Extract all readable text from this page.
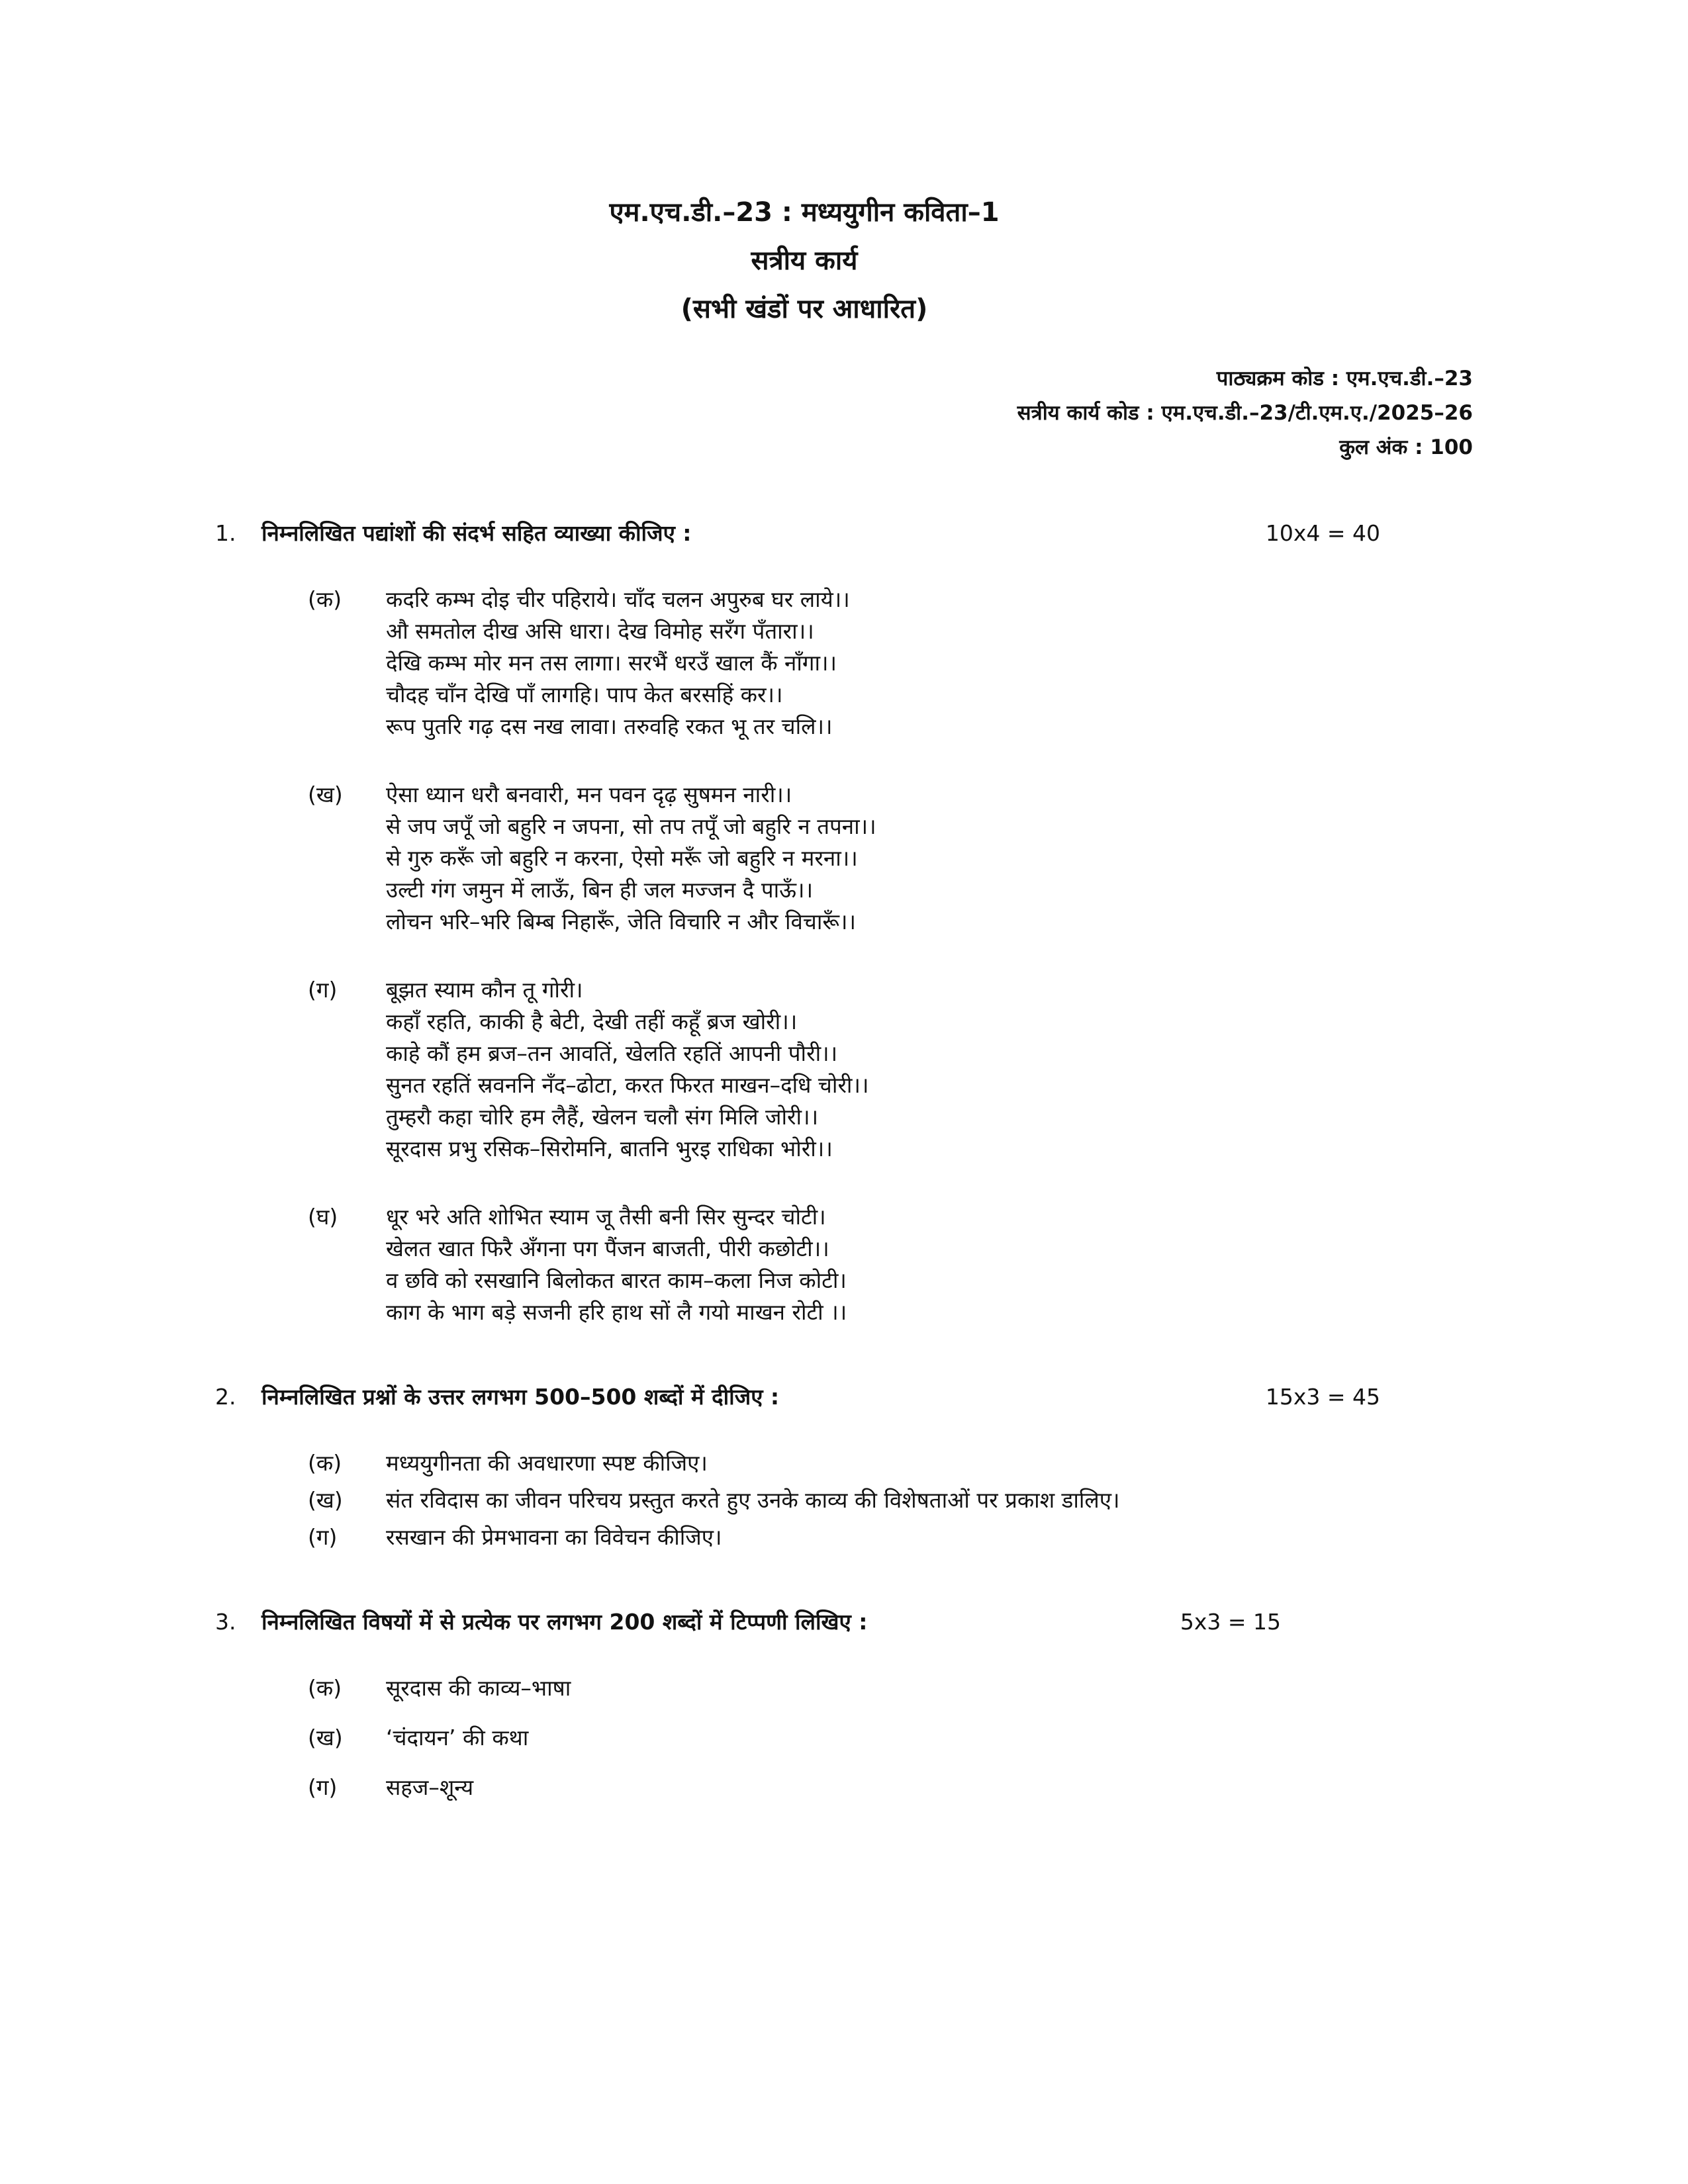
एम.एच.डी.–23 : मध्ययुगीन कविता–1
सत्रीय कार्य
(सभी खंडों पर आधारित)
पाठ्यक्रम कोड : एम.एच.डी.–23
सत्रीय कार्य कोड : एम.एच.डी.–23/टी.एम.ए./2025–26
कुल अंक : 100
1.	निम्नलिखित पद्यांशों की संदर्भ सहित व्याख्या कीजिए :	10x4 = 40
(क)	कदरि कम्भ दोइ चीर पहिराये। चाँद चलन अपुरुब घर लाये।।
औ समतोल दीख असि धारा। देख विमोह सरँग पँतारा।।
देखि कम्भ मोर मन तस लागा। सरभैं धरउँ खाल कैं नाँगा।।
चौदह चाँन देखि पाँ लागहि। पाप केत बरसहिं कर।।
रूप पुतरि गढ़ दस नख लावा। तरुवहि रकत भू तर चलि।।
(ख)	ऐसा ध्यान धरौ बनवारी, मन पवन दृढ़ सुषमन नारी।।
से जप जपूँ जो बहुरि न जपना, सो तप तपूँ जो बहुरि न तपना।।
से गुरु करूँ जो बहुरि न करना, ऐसो मरूँ जो बहुरि न मरना।।
उल्टी गंग जमुन में लाऊँ, बिन ही जल मज्जन दै पाऊँ।।
लोचन भरि–भरि बिम्ब निहारूँ, जेति विचारि न और विचारूँ।।
(ग)	बूझत स्याम कौन तू गोरी।
कहाँ रहति, काकी है बेटी, देखी तहीं कहूँ ब्रज खोरी।।
काहे कौं हम ब्रज–तन आवतिं, खेलति रहतिं आपनी पौरी।।
सुनत रहतिं स्रवननि नँद–ढोटा, करत फिरत माखन–दधि चोरी।।
तुम्हरौ कहा चोरि हम लैहैं, खेलन चलौ संग मिलि जोरी।।
सूरदास प्रभु रसिक–सिरोमनि, बातनि भुरइ राधिका भोरी।।
(घ)	धूर भरे अति शोभित स्याम जू तैसी बनी सिर सुन्दर चोटी।
खेलत खात फिरै अँगना पग पैंजन बाजती, पीरी कछोटी।।
व छवि को रसखानि बिलोकत बारत काम–कला निज कोटी।
काग के भाग बड़े सजनी हरि हाथ सों लै गयो माखन रोटी ।।
2.	निम्नलिखित प्रश्नों के उत्तर लगभग 500–500 शब्दों में दीजिए :	15x3 = 45
(क)	मध्ययुगीनता की अवधारणा स्पष्ट कीजिए।
(ख)	संत रविदास का जीवन परिचय प्रस्तुत करते हुए उनके काव्य की विशेषताओं पर प्रकाश डालिए।
(ग)	रसखान की प्रेमभावना का विवेचन कीजिए।
3.	निम्नलिखित विषयों में से प्रत्येक पर लगभग 200 शब्दों में टिप्पणी लिखिए :	5x3 = 15
(क)	सूरदास की काव्य–भाषा
(ख)	‘चंदायन’ की कथा
(ग)	सहज–शून्य
